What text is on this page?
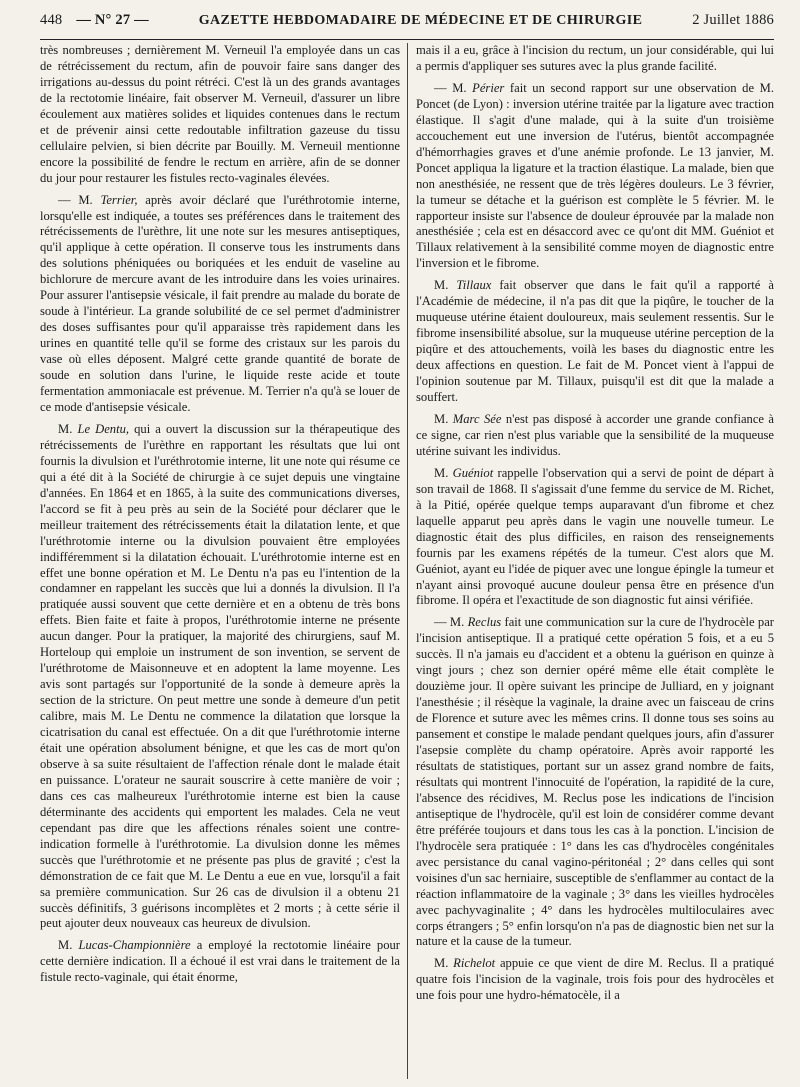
448 — N° 27 —	GAZETTE HEBDOMADAIRE DE MÉDECINE ET DE CHIRURGIE	2 Juillet 1886

très nombreuses ; dernièrement M. Verneuil l'a employée dans un cas de rétrécissement du rectum, afin de pouvoir faire sans danger des irrigations au-dessus du point rétréci. C'est là un des grands avantages de la rectotomie linéaire, fait observer M. Verneuil, d'assurer un libre écoulement aux matières solides et liquides contenues dans le rectum et de prévenir ainsi cette redoutable infiltration gazeuse du tissu cellulaire pelvien, si bien décrite par Bouilly. M. Verneuil mentionne encore la possibilité de fendre le rectum en arrière, afin de se donner du jour pour restaurer les fistules recto-vaginales élevées.

— M. Terrier, après avoir déclaré que l'uréthrotomie interne, lorsqu'elle est indiquée, a toutes ses préférences dans le traitement des rétrécissements de l'urèthre, lit une note sur les mesures antiseptiques, qu'il applique à cette opération. Il conserve tous les instruments dans des solutions phéniquées ou boriquées et les enduit de vaseline au bichlorure de mercure avant de les introduire dans les voies urinaires. Pour assurer l'antisepsie vésicale, il fait prendre au malade du borate de soude à l'intérieur. La grande solubilité de ce sel permet d'administrer des doses suffisantes pour qu'il apparaisse très rapidement dans les urines en quantité telle qu'il se forme des cristaux sur les parois du vase où elles déposent. Malgré cette grande quantité de borate de soude en solution dans l'urine, le liquide reste acide et toute fermentation ammoniacale est prévenue. M. Terrier n'a qu'à se louer de ce mode d'antisepsie vésicale.

M. Le Dentu, qui a ouvert la discussion sur la thérapeutique des rétrécissements de l'urèthre en rapportant les résultats que lui ont fournis la divulsion et l'uréthrotomie interne, lit une note qui résume ce qui a été dit à la Société de chirurgie à ce sujet depuis une vingtaine d'années. En 1864 et en 1865, à la suite des communications diverses, l'accord se fit à peu près au sein de la Société pour déclarer que le meilleur traitement des rétrécissements était la dilatation lente, et que l'uréthrotomie interne ou la divulsion pouvaient être employées indifféremment si la dilatation échouait. L'uréthrotomie interne est en effet une bonne opération et M. Le Dentu n'a pas eu l'intention de la condamner en rappelant les succès que lui a donnés la divulsion. Il l'a pratiquée aussi souvent que cette dernière et en a obtenu de très bons effets. Bien faite et faite à propos, l'uréthrotomie interne ne présente aucun danger. Pour la pratiquer, la majorité des chirurgiens, sauf M. Horteloup qui emploie un instrument de son invention, se servent de l'uréthrotome de Maisonneuve et en adoptent la lame moyenne. Les avis sont partagés sur l'opportunité de la sonde à demeure après la section de la stricture. On peut mettre une sonde à demeure d'un petit calibre, mais M. Le Dentu ne commence la dilatation que lorsque la cicatrisation du canal est effectuée. On a dit que l'uréthrotomie interne était une opération absolument bénigne, et que les cas de mort qu'on observe à sa suite résultaient de l'affection rénale dont le malade était en puissance. L'orateur ne saurait souscrire à cette manière de voir ; dans ces cas malheureux l'uréthrotomie interne est bien la cause déterminante des accidents qui emportent les malades. Cela ne veut cependant pas dire que les affections rénales soient une contre-indication formelle à l'uréthrotomie. La divulsion donne les mêmes succès que l'uréthrotomie et ne présente pas plus de gravité ; c'est la démonstration de ce fait que M. Le Dentu a eue en vue, lorsqu'il a fait sa première communication. Sur 26 cas de divulsion il a obtenu 21 succès définitifs, 3 guérisons incomplètes et 2 morts ; à cette série il peut ajouter deux nouveaux cas heureux de divulsion.

M. Lucas-Championnière a employé la rectotomie linéaire pour cette dernière indication. Il a échoué il est vrai dans le traitement de la fistule recto-vaginale, qui était énorme,

mais il a eu, grâce à l'incision du rectum, un jour considérable, qui lui a permis d'appliquer ses sutures avec la plus grande facilité.

— M. Périer fait un second rapport sur une observation de M. Poncet (de Lyon) : inversion utérine traitée par la ligature avec traction élastique. Il s'agit d'une malade, qui à la suite d'un troisième accouchement eut une inversion de l'utérus, bientôt accompagnée d'hémorrhagies graves et d'une anémie profonde. Le 13 janvier, M. Poncet appliqua la ligature et la traction élastique. La malade, bien que non anesthésiée, ne ressent que de très légères douleurs. Le 3 février, la tumeur se détache et la guérison est complète le 5 février. M. le rapporteur insiste sur l'absence de douleur éprouvée par la malade non anesthésiée ; cela est en désaccord avec ce qu'ont dit MM. Guéniot et Tillaux relativement à la sensibilité comme moyen de diagnostic entre l'inversion et le fibrome.

M. Tillaux fait observer que dans le fait qu'il a rapporté à l'Académie de médecine, il n'a pas dit que la piqûre, le toucher de la muqueuse utérine étaient douloureux, mais seulement ressentis. Sur le fibrome insensibilité absolue, sur la muqueuse utérine perception de la piqûre et des attouchements, voilà les bases du diagnostic entre les deux affections en question. Le fait de M. Poncet vient à l'appui de l'opinion soutenue par M. Tillaux, puisqu'il est dit que la malade a souffert.

M. Marc Sée n'est pas disposé à accorder une grande confiance à ce signe, car rien n'est plus variable que la sensibilité de la muqueuse utérine suivant les individus.

M. Guéniot rappelle l'observation qui a servi de point de départ à son travail de 1868. Il s'agissait d'une femme du service de M. Richet, à la Pitié, opérée quelque temps auparavant d'un fibrome et chez laquelle apparut peu après dans le vagin une nouvelle tumeur. Le diagnostic était des plus difficiles, en raison des renseignements fournis par les examens répétés de la tumeur. C'est alors que M. Guéniot, ayant eu l'idée de piquer avec une longue épingle la tumeur et n'ayant ainsi provoqué aucune douleur pensa être en présence d'un fibrome. Il opéra et l'exactitude de son diagnostic fut ainsi vérifiée.

— M. Reclus fait une communication sur la cure de l'hydrocèle par l'incision antiseptique. Il a pratiqué cette opération 5 fois, et a eu 5 succès. Il n'a jamais eu d'accident et a obtenu la guérison en quinze à vingt jours ; chez son dernier opéré même elle était complète le douzième jour. Il opère suivant les principe de Julliard, en y joignant l'anesthésie ; il résèque la vaginale, la draine avec un faisceau de crins de Florence et suture avec les mêmes crins. Il donne tous ses soins au pansement et constipe le malade pendant quelques jours, afin d'assurer l'asepsie complète du champ opératoire. Après avoir rapporté les résultats de statistiques, portant sur un assez grand nombre de faits, résultats qui montrent l'innocuité de l'opération, la rapidité de la cure, l'absence des récidives, M. Reclus pose les indications de l'incision antiseptique de l'hydrocèle, qu'il est loin de considérer comme devant être préférée toujours et dans tous les cas à la ponction. L'incision de l'hydrocèle sera pratiquée : 1° dans les cas d'hydrocèles congénitales avec persistance du canal vagino-péritonéal ; 2° dans celles qui sont voisines d'un sac herniaire, susceptible de s'enflammer au contact de la réaction inflammatoire de la vaginale ; 3° dans les vieilles hydrocèles avec pachyvaginalite ; 4° dans les hydrocèles multiloculaires avec corps étrangers ; 5° enfin lorsqu'on n'a pas de diagnostic bien net sur la nature et la cause de la tumeur.

M. Richelot appuie ce que vient de dire M. Reclus. Il a pratiqué quatre fois l'incision de la vaginale, trois fois pour des hydrocèles et une fois pour une hydro-hématocèle, il a
